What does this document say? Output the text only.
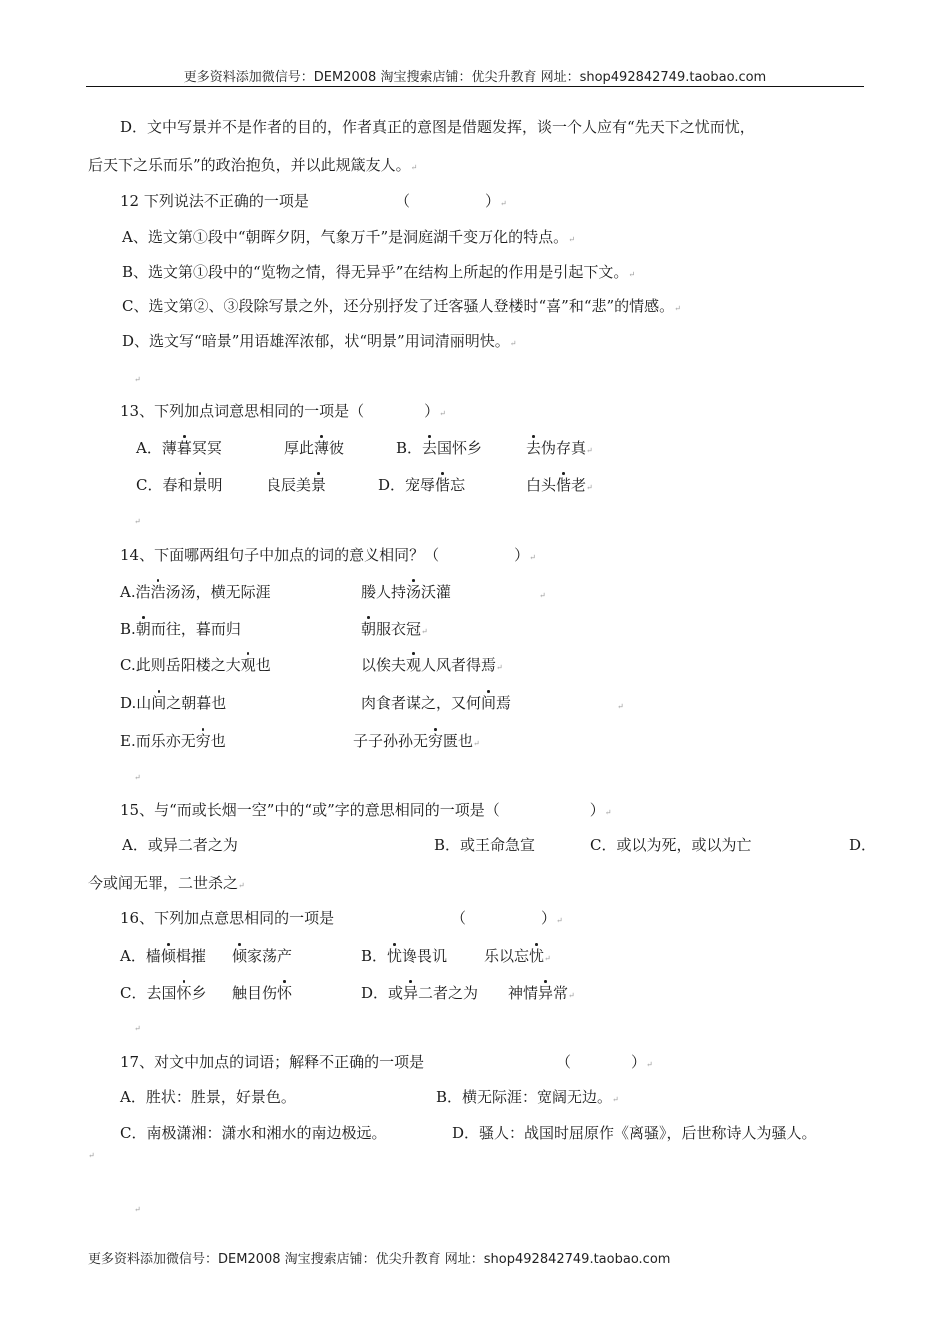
更多资料添加微信号：DEM2008 淘宝搜索店铺：优尖升教育 网址：shop492842749.taobao.com
D．文中写景并不是作者的目的，作者真正的意图是借题发挥，谈一个人应有“先天下之忧而忧，
后天下之乐而乐”的政治抱负，并以此规箴友人。↵
12 下列说法不正确的一项是	（　　　　　）↵
A、选文第①段中“朝晖夕阴，气象万千”是洞庭湖千变万化的特点。↵
B、选文第①段中的“览物之情，得无异乎”在结构上所起的作用是引起下文。↵
C、选文第②、③段除写景之外，还分别抒发了迁客骚人登楼时“喜”和“悲”的情感。↵
D、选文写“暗景”用语雄浑浓郁，状“明景”用词清丽明快。↵
↵
13、下列加点词意思相同的一项是（　　　　）↵
A．薄暮冥冥	厚此薄彼	B．去国怀乡	去伪存真↵
C．春和景明	良辰美景	D．宠辱偕忘	白头偕老↵
↵
14、下面哪两组句子中加点的词的意义相同？（　　　　　）↵
A.浩浩汤汤，横无际涯	媵人持汤沃灌	↵
B.朝而往，暮而归	朝服衣冠↵
C.此则岳阳楼之大观也	以俟夫观人风者得焉↵
D.山间之朝暮也	肉食者谋之，又何间焉	↵
E.而乐亦无穷也	子子孙孙无穷匮也↵
↵
15、与“而或长烟一空”中的“或”字的意思相同的一项是（　　　　　　）↵
A．或异二者之为	B．或王命急宣	C．或以为死，或以为亡	D．
今或闻无罪，二世杀之↵
16、下列加点意思相同的一项是	（　　　　　）↵
A．樯倾楫摧 倾家荡产	B．忧谗畏讥 乐以忘忧↵
C．去国怀乡 触目伤怀	D．或异二者之为 神情异常↵
↵
17、对文中加点的词语；解释不正确的一项是	（　　　　）↵
A．胜状：胜景，好景色。	B．横无际涯：宽阔无边。↵
C．南极潇湘：潇水和湘水的南边极远。	D．骚人：战国时屈原作《离骚》，后世称诗人为骚人。
↵
↵
更多资料添加微信号：DEM2008 淘宝搜索店铺：优尖升教育 网址：shop492842749.taobao.com
